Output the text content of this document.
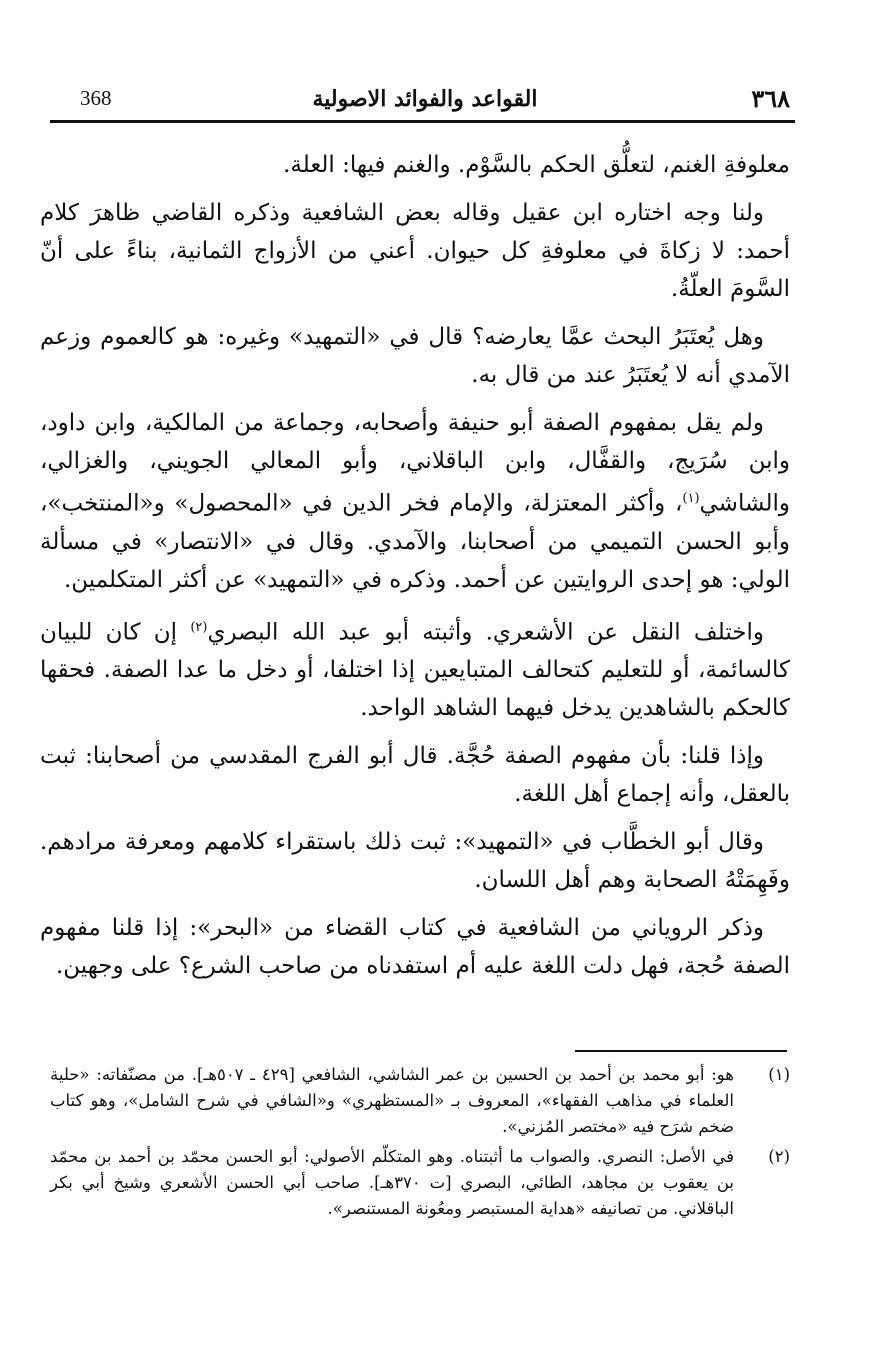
٣٦٨
القواعد والفوائد الاصولية
368

معلوفةِ الغنم، لتعلُّق الحكم بالسَّوْم. والغنم فيها: العلة.

ولنا وجه اختاره ابن عقيل وقاله بعض الشافعية وذكره القاضي ظاهرَ كلام أحمد: لا زكاةَ في معلوفةِ كل حيوان. أعني من الأزواج الثمانية، بناءً على أنّ السَّومَ العلّةُ.

وهل يُعتَبَرُ البحث عمَّا يعارضه؟ قال في «التمهيد» وغيره: هو كالعموم وزعم الآمدي أنه لا يُعتَبَرُ عند من قال به.

ولم يقل بمفهوم الصفة أبو حنيفة وأصحابه، وجماعة من المالكية، وابن داود، وابن سُرَيج، والقفَّال، وابن الباقلاني، وأبو المعالي الجويني، والغزالي، والشاشي$^{(١)}$، وأكثر المعتزلة، والإمام فخر الدين في «المحصول» و«المنتخب»، وأبو الحسن التميمي من أصحابنا، والآمدي. وقال في «الانتصار» في مسألة الولي: هو إحدى الروايتين عن أحمد. وذكره في «التمهيد» عن أكثر المتكلمين.

واختلف النقل عن الأشعري. وأثبته أبو عبد الله البصري$^{(٢)}$ إن كان للبيان كالسائمة، أو للتعليم كتحالف المتبايعين إذا اختلفا، أو دخل ما عدا الصفة. فحقها كالحكم بالشاهدين يدخل فيهما الشاهد الواحد.

وإذا قلنا: بأن مفهوم الصفة حُجَّة. قال أبو الفرج المقدسي من أصحابنا: ثبت بالعقل، وأنه إجماع أهل اللغة.

وقال أبو الخطَّاب في «التمهيد»: ثبت ذلك باستقراء كلامهم ومعرفة مرادهم. وفَهِمَتْهُ الصحابة وهم أهل اللسان.

وذكر الروياني من الشافعية في كتاب القضاء من «البحر»: إذا قلنا مفهوم الصفة حُجة، فهل دلت اللغة عليه أم استفدناه من صاحب الشرع؟ على وجهين.

(١)
هو: أبو محمد بن أحمد بن الحسين بن عمر الشاشي، الشافعي [٤٢٩ ـ ٥٠٧هـ]. من مصنّفاته: «حلية العلماء في مذاهب الفقهاء»، المعروف بـ «المستظهري» و«الشافي في شرح الشامل»، وهو كتاب ضخم شرَح فيه «مختصر المُزني».
(٢)
في الأصل: النصري. والصواب ما أثبتناه. وهو المتكلّم الأصولي: أبو الحسن محمّد بن أحمد بن محمّد بن يعقوب بن مجاهد، الطائي، البصري [ت ٣٧٠هـ]. صاحب أبي الحسن الأشعري وشيخ أبي بكر الباقلاني. من تصانيفه «هداية المستبصر ومعُونة المستنصر».
